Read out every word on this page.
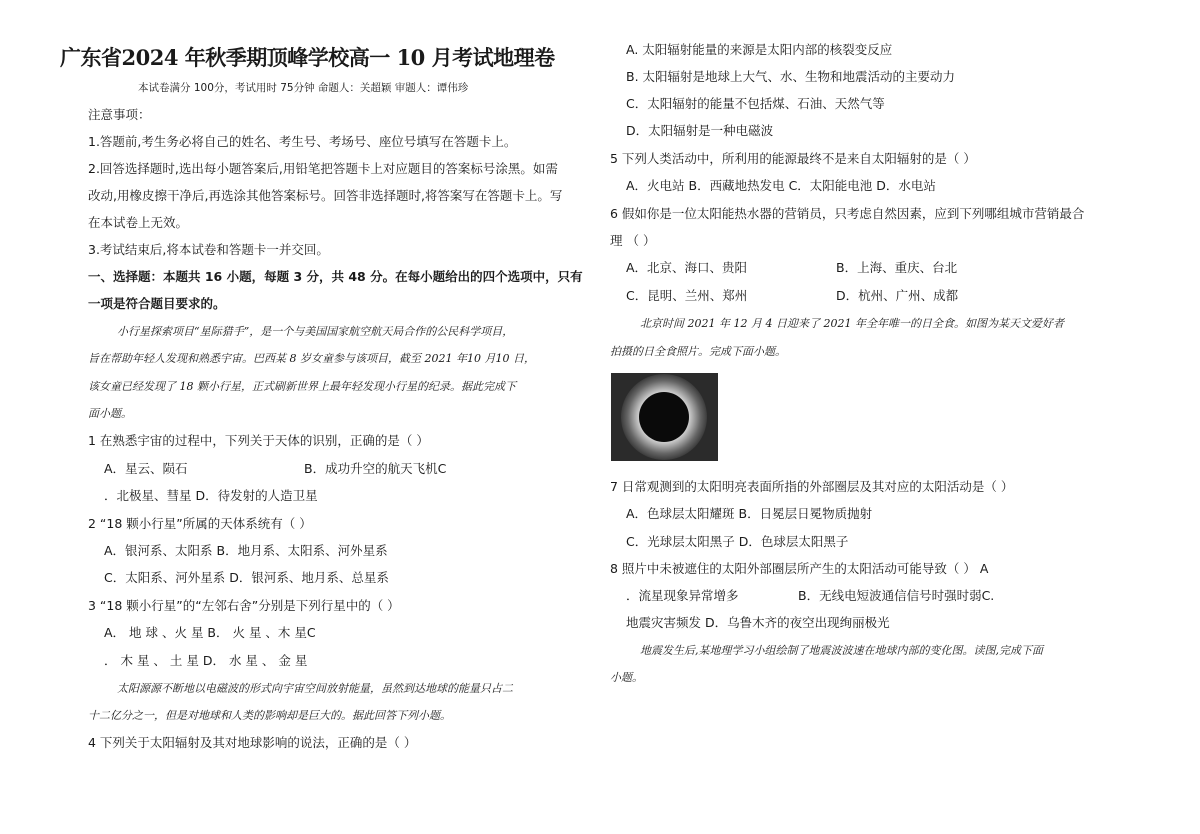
广东省2024 年秋季期顶峰学校高一 10 月考试地理卷
本试卷满分 100分，考试用时 75分钟 命题人：关超颖 审题人：谭伟珍
注意事项：
1.答题前,考生务必将自己的姓名、考生号、考场号、座位号填写在答题卡上。
2.回答选择题时,选出每小题答案后,用铅笔把答题卡上对应题目的答案标号涂黑。如需
改动,用橡皮擦干净后,再选涂其他答案标号。回答非选择题时,将答案写在答题卡上。写
在本试卷上无效。
3.考试结束后,将本试卷和答题卡一并交回。
一、选择题：本题共 16 小题，每题 3 分，共 48 分。在每小题给出的四个选项中，只有
一项是符合题目要求的。
小行星探索项目“星际猎手”，是一个与美国国家航空航天局合作的公民科学项目，
旨在帮助年轻人发现和熟悉宇宙。巴西某 8 岁女童参与该项目，截至 2021 年10 月10 日，
该女童已经发现了 18 颗小行星，正式刷新世界上最年轻发现小行星的纪录。据此完成下
面小题。
1 在熟悉宇宙的过程中，下列关于天体的识别，正确的是（ ）
A．星云、陨石	B．成功升空的航天飞机C
．北极星、彗星 D．待发射的人造卫星
2 “18 颗小行星”所属的天体系统有（ ）
A．银河系、太阳系 B．地月系、太阳系、河外星系
C．太阳系、河外星系 D．银河系、地月系、总星系
3 “18 颗小行星”的“左邻右舍”分别是下列行星中的（ ）
A． 地 球 、火 星 B． 火 星 、木 星C
． 木 星 、 土 星 D． 水 星 、 金 星
太阳源源不断地以电磁波的形式向宇宙空间放射能量，虽然到达地球的能量只占二
十二亿分之一，但是对地球和人类的影响却是巨大的。据此回答下列小题。
4 下列关于太阳辐射及其对地球影响的说法，正确的是（ ）
A. 太阳辐射能量的来源是太阳内部的核裂变反应
B. 太阳辐射是地球上大气、水、生物和地震活动的主要动力
C．太阳辐射的能量不包括煤、石油、天然气等
D．太阳辐射是一种电磁波
5 下列人类活动中，所利用的能源最终不是来自太阳辐射的是（ ）
A．火电站 B．西藏地热发电 C．太阳能电池 D．水电站
6 假如你是一位太阳能热水器的营销员，只考虑自然因素，应到下列哪组城市营销最合
理 （ ）
A．北京、海口、贵阳	B．上海、重庆、台北
C．昆明、兰州、郑州	D．杭州、广州、成都
北京时间 2021 年 12 月 4 日迎来了 2021 年全年唯一的日全食。如图为某天文爱好者
拍摄的日全食照片。完成下面小题。
7 日常观测到的太阳明亮表面所指的外部圈层及其对应的太阳活动是（ ）
A．色球层太阳耀斑 B．日冕层日冕物质抛射
C．光球层太阳黑子 D．色球层太阳黑子
8 照片中未被遮住的太阳外部圈层所产生的太阳活动可能导致（ ） A
．流星现象异常增多	B．无线电短波通信信号时强时弱C.
地震灾害频发 D．乌鲁木齐的夜空出现绚丽极光
地震发生后,某地理学习小组绘制了地震波波速在地球内部的变化图。读图,完成下面
小题。
